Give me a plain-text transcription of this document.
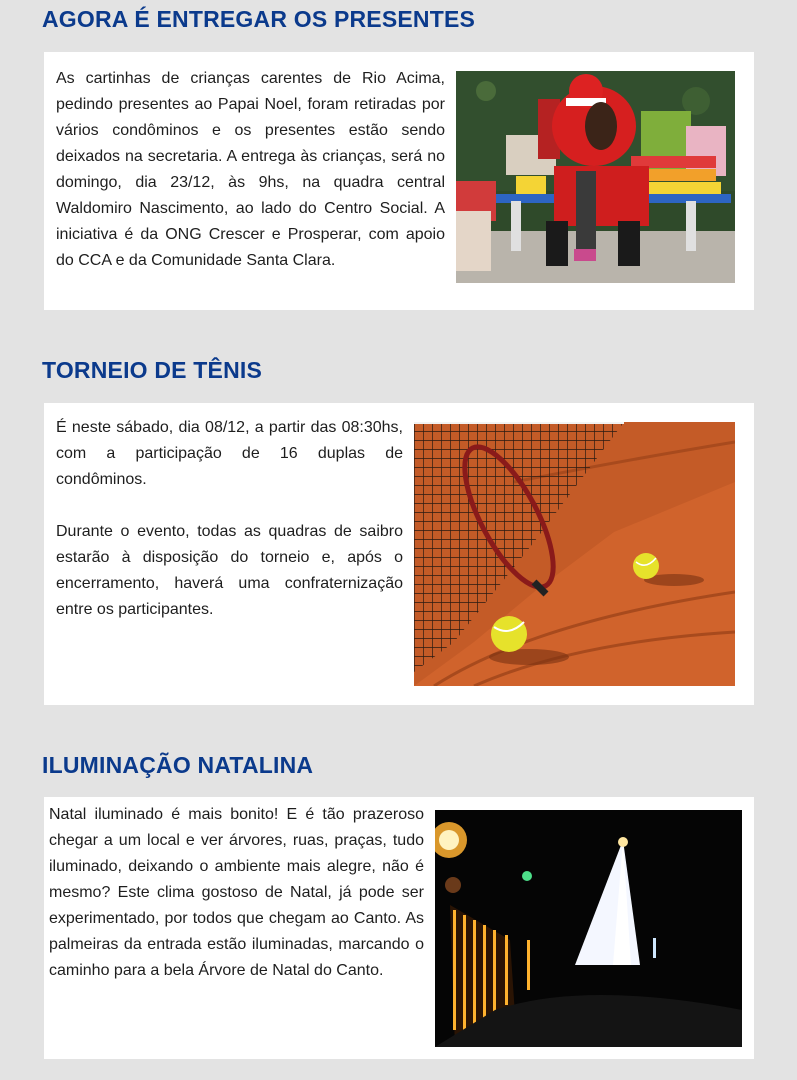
AGORA É ENTREGAR OS PRESENTES

As cartinhas de crianças carentes de Rio Acima, pedindo presentes ao Papai Noel, foram retiradas por vários condôminos e os presentes estão sendo deixados na secretaria. A entrega às crianças, será no domingo, dia 23/12, às 9hs, na quadra central Waldomiro Nascimento, ao lado do Centro Social. A iniciativa é da ONG Crescer e Prosperar, com apoio do CCA e da Comunidade Santa Clara.

TORNEIO DE TÊNIS

É neste sábado, dia 08/12, a partir das 08:30hs, com a participação de 16 duplas de condôminos.

Durante o evento, todas as quadras de saibro estarão à disposição do torneio e, após o encerramento, haverá uma confraternização entre os participantes.

ILUMINAÇÃO NATALINA

Natal iluminado é mais bonito! E é tão prazeroso chegar a um local e ver árvores, ruas, praças, tudo iluminado, deixando o ambiente mais alegre, não é mesmo? Este clima gostoso de Natal, já pode ser experimentado, por todos que chegam ao Canto. As palmeiras da entrada estão iluminadas, marcando o caminho para a bela Árvore de Natal do Canto.
